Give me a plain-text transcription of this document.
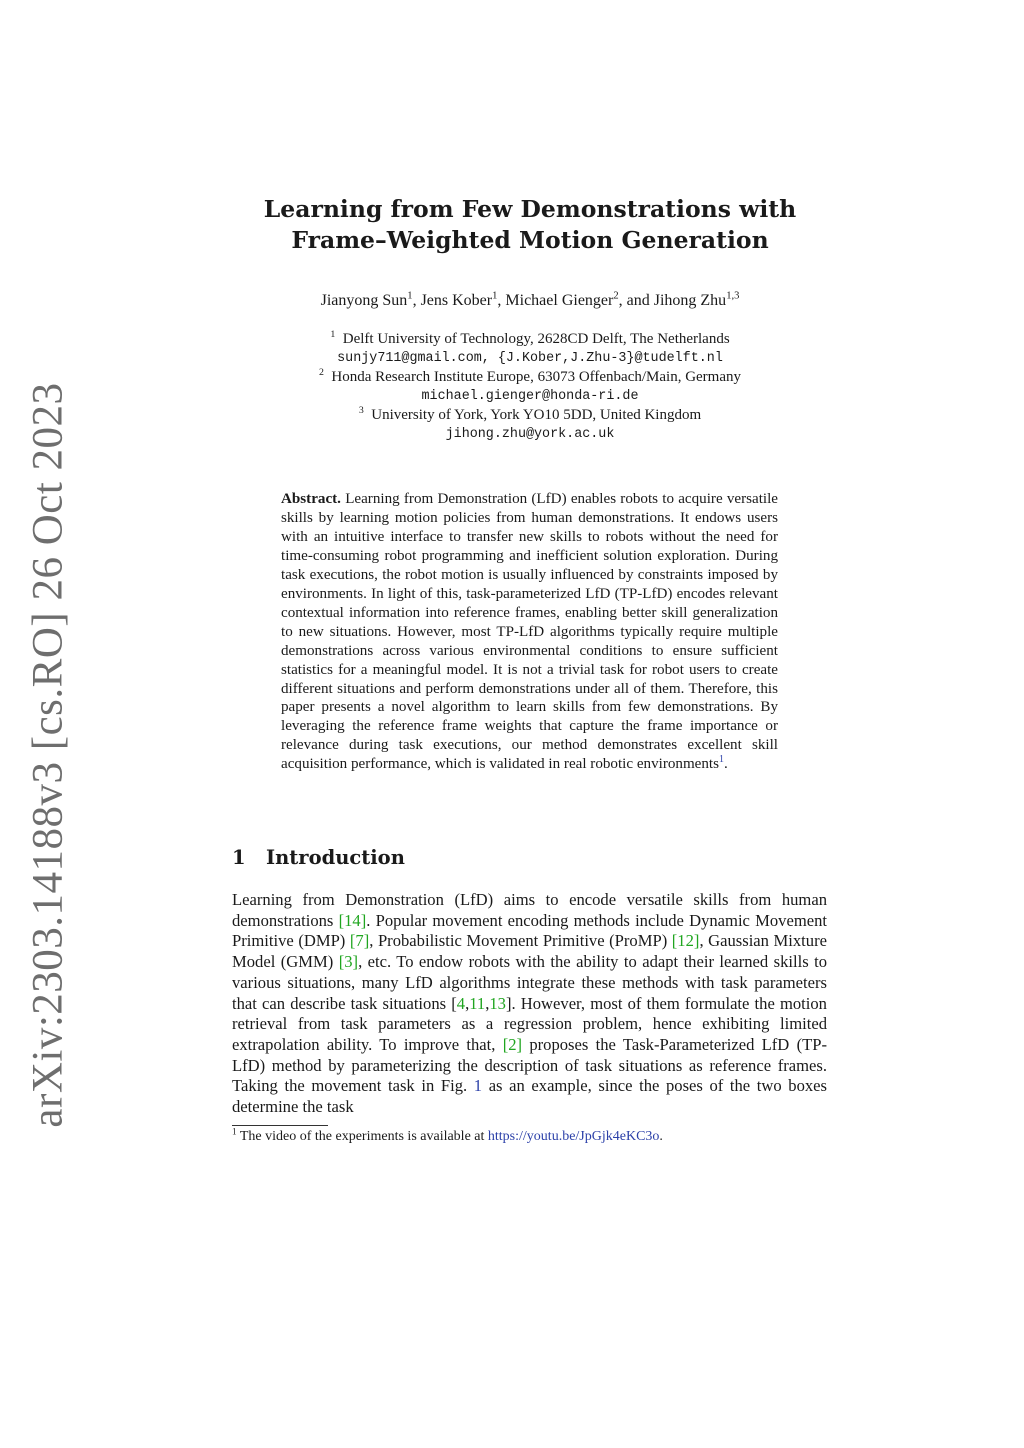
arXiv:2303.14188v3 [cs.RO] 26 Oct 2023
Learning from Few Demonstrations with
Frame–Weighted Motion Generation
Jianyong Sun$^1$, Jens Kober$^1$, Michael Gienger$^2$, and Jihong Zhu$^{1,3}$
$^1$ Delft University of Technology, 2628CD Delft, The Netherlands
sunjy711@gmail.com, {J.Kober,J.Zhu-3}@tudelft.nl
$^2$ Honda Research Institute Europe, 63073 Offenbach/Main, Germany
michael.gienger@honda-ri.de
$^3$ University of York, York YO10 5DD, United Kingdom
jihong.zhu@york.ac.uk
Abstract. Learning from Demonstration (LfD) enables robots to acquire versatile skills by learning motion policies from human demonstrations. It endows users with an intuitive interface to transfer new skills to robots without the need for time-consuming robot programming and inefficient solution exploration. During task executions, the robot motion is usually influenced by constraints imposed by environments. In light of this, task-parameterized LfD (TP-LfD) encodes relevant contextual information into reference frames, enabling better skill generalization to new situations. However, most TP-LfD algorithms typically require multiple demonstrations across various environmental conditions to ensure sufficient statistics for a meaningful model. It is not a trivial task for robot users to create different situations and perform demonstrations under all of them. Therefore, this paper presents a novel algorithm to learn skills from few demonstrations. By leveraging the reference frame weights that capture the frame importance or relevance during task executions, our method demonstrates excellent skill acquisition performance, which is validated in real robotic environments$^1$.
1 Introduction
Learning from Demonstration (LfD) aims to encode versatile skills from human demonstrations [14]. Popular movement encoding methods include Dynamic Movement Primitive (DMP) [7], Probabilistic Movement Primitive (ProMP) [12], Gaussian Mixture Model (GMM) [3], etc. To endow robots with the ability to adapt their learned skills to various situations, many LfD algorithms integrate these methods with task parameters that can describe task situations [4,11,13]. However, most of them formulate the motion retrieval from task parameters as a regression problem, hence exhibiting limited extrapolation ability. To improve that, [2] proposes the Task-Parameterized LfD (TP-LfD) method by parameterizing the description of task situations as reference frames. Taking the movement task in Fig. 1 as an example, since the poses of the two boxes determine the task
$^1$ The video of the experiments is available at https://youtu.be/JpGjk4eKC3o.
